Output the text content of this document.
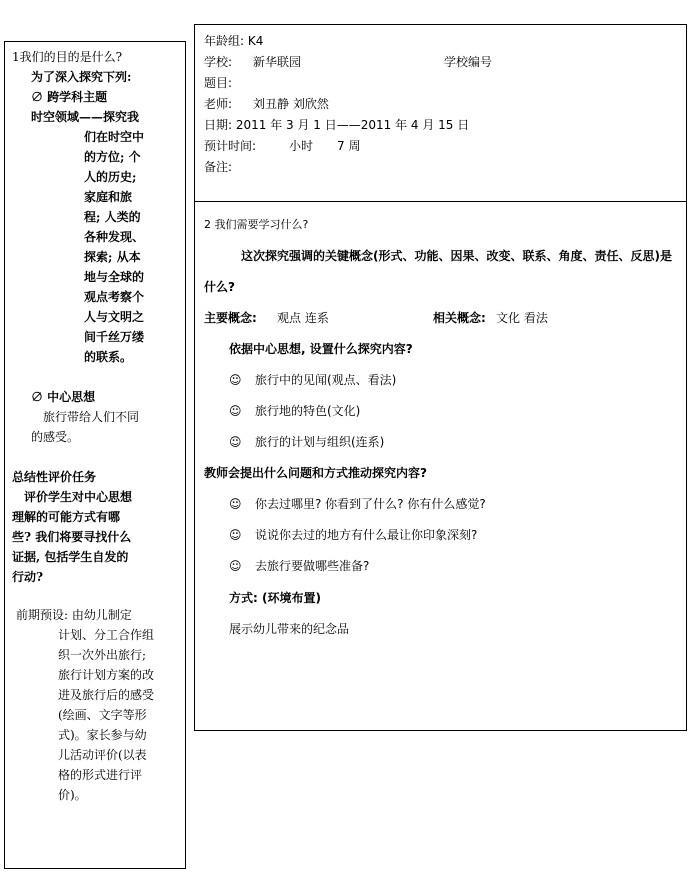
1我们的目的是什么?
为了深入探究下列:
∅ 跨学科主题
时空领域——探究我
们在时空中
的方位; 个
人的历史;
家庭和旅
程; 人类的
各种发现、
探索; 从本
地与全球的
观点考察个
人与文明之
间千丝万缕
的联系。
∅ 中心思想
旅行带给人们不同
的感受。
总结性评价任务
评价学生对中心思想
理解的可能方式有哪
些? 我们将要寻找什么
证据, 包括学生自发的
行动?
前期预设: 由幼儿制定
计划、分工合作组
织一次外出旅行;
旅行计划方案的改
进及旅行后的感受
(绘画、文字等形
式)。家长参与幼
儿活动评价(以表
格的形式进行评
价)。
年龄组: K4
学校: 新华联园	学校编号
题目:
老师: 刘丑静 刘欣然
日期: 2011 年 3 月 1 日——2011 年 4 月 15 日
预计时间:	小时 7 周
备注:
2 我们需要学习什么?
这次探究强调的关键概念(形式、功能、因果、改变、联系、角度、责任、反思)是
什么?
主要概念: 观点 连系	相关概念: 文化 看法
依据中心思想, 设置什么探究内容?
☺ 旅行中的见闻(观点、看法)
☺ 旅行地的特色(文化)
☺ 旅行的计划与组织(连系)
教师会提出什么问题和方式推动探究内容?
☺ 你去过哪里? 你看到了什么? 你有什么感觉?
☺ 说说你去过的地方有什么最让你印象深刻?
☺ 去旅行要做哪些准备?
方式: (环境布置)
展示幼儿带来的纪念品
